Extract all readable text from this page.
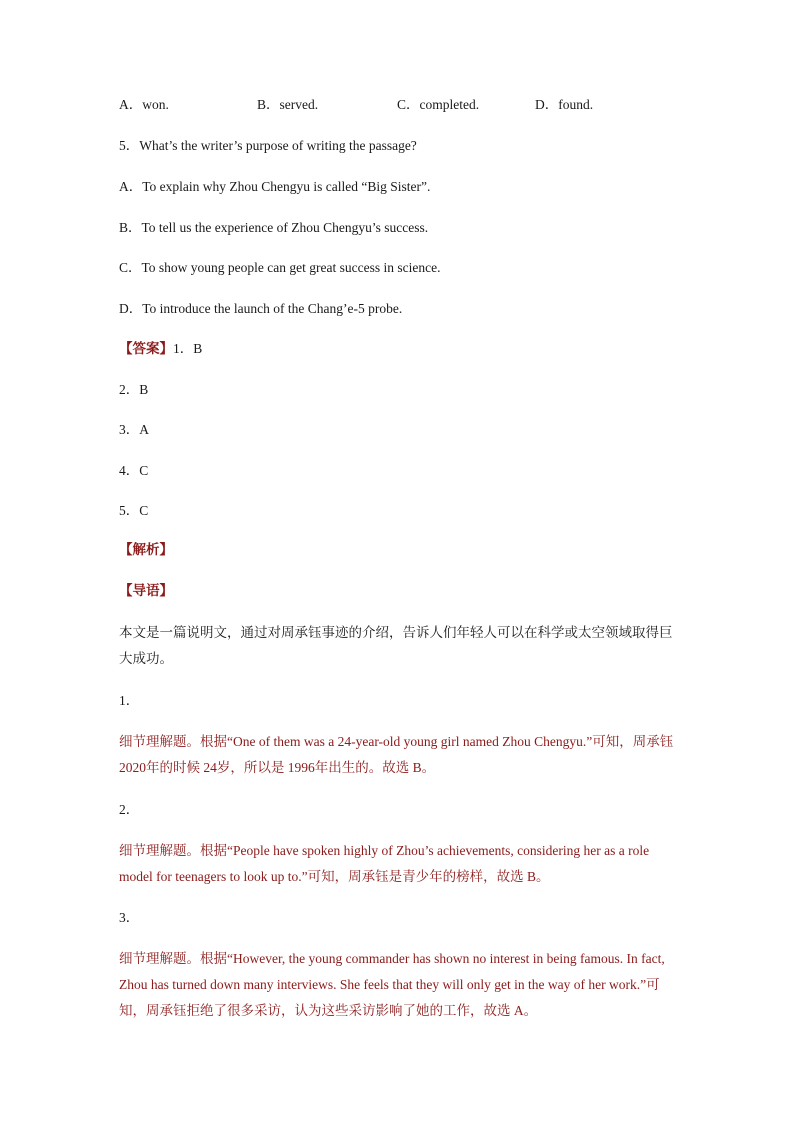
A．won.	B．served.	C．completed.	D．found.
5．What’s the writer’s purpose of writing the passage?
A．To explain why Zhou Chengyu is called “Big Sister”.
B．To tell us the experience of Zhou Chengyu’s success.
C．To show young people can get great success in science.
D．To introduce the launch of the Chang’e-5 probe.
【答案】1．B
2．B
3．A
4．C
5．C
【解析】
【导语】
本文是一篇说明文，通过对周承钰事迹的介绍，告诉人们年轻人可以在科学或太空领域取得巨大成功。
1．
细节理解题。根据“One of them was a 24-year-old young girl named Zhou Chengyu.”可知，周承钰 2020年的时候 24岁，所以是 1996年出生的。故选 B。
2．
细节理解题。根据“People have spoken highly of Zhou’s achievements, considering her as a role model for teenagers to look up to.”可知，周承钰是青少年的榜样，故选 B。
3．
细节理解题。根据“However, the young commander has shown no interest in being famous. In fact, Zhou has turned down many interviews. She feels that they will only get in the way of her work.”可知，周承钰拒绝了很多采访，认为这些采访影响了她的工作，故选 A。
